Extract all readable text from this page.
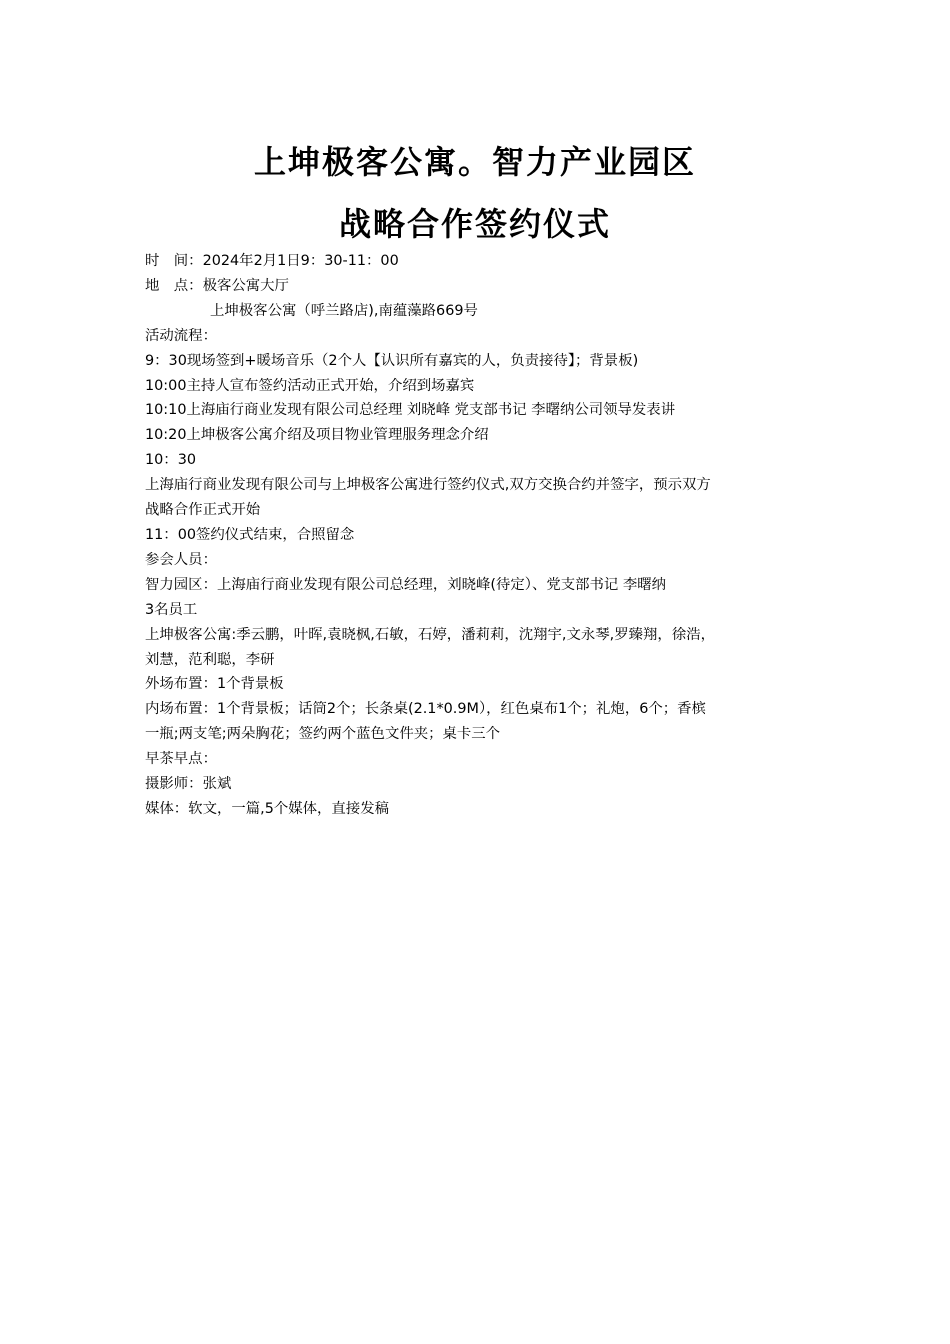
上坤极客公寓。智力产业园区
战略合作签约仪式
时　间：2024年2月1日9：30-11：00
地　点：极客公寓大厅
上坤极客公寓（呼兰路店),南蕴藻路669号
活动流程：
9：30现场签到+暖场音乐（2个人【认识所有嘉宾的人，负责接待】；背景板)
10:00主持人宣布签约活动正式开始，介绍到场嘉宾
10:10上海庙行商业发现有限公司总经理 刘晓峰 党支部书记 李曙纳公司领导发表讲
10:20上坤极客公寓介绍及项目物业管理服务理念介绍
10：30
上海庙行商业发现有限公司与上坤极客公寓进行签约仪式,双方交换合约并签字，预示双方
战略合作正式开始
11：00签约仪式结束，合照留念
参会人员：
智力园区：上海庙行商业发现有限公司总经理，刘晓峰(待定）、党支部书记 李曙纳
3名员工
上坤极客公寓:季云鹏，叶晖,袁晓枫,石敏，石婷，潘莉莉，沈翔宇,文永琴,罗臻翔，徐浩，
刘慧，范利聪，李研
外场布置：1个背景板
内场布置：1个背景板；话筒2个；长条桌(2.1*0.9M），红色桌布1个；礼炮，6个；香槟
一瓶;两支笔;两朵胸花；签约两个蓝色文件夹；桌卡三个
早茶早点：
摄影师：张斌
媒体：软文，一篇,5个媒体，直接发稿
